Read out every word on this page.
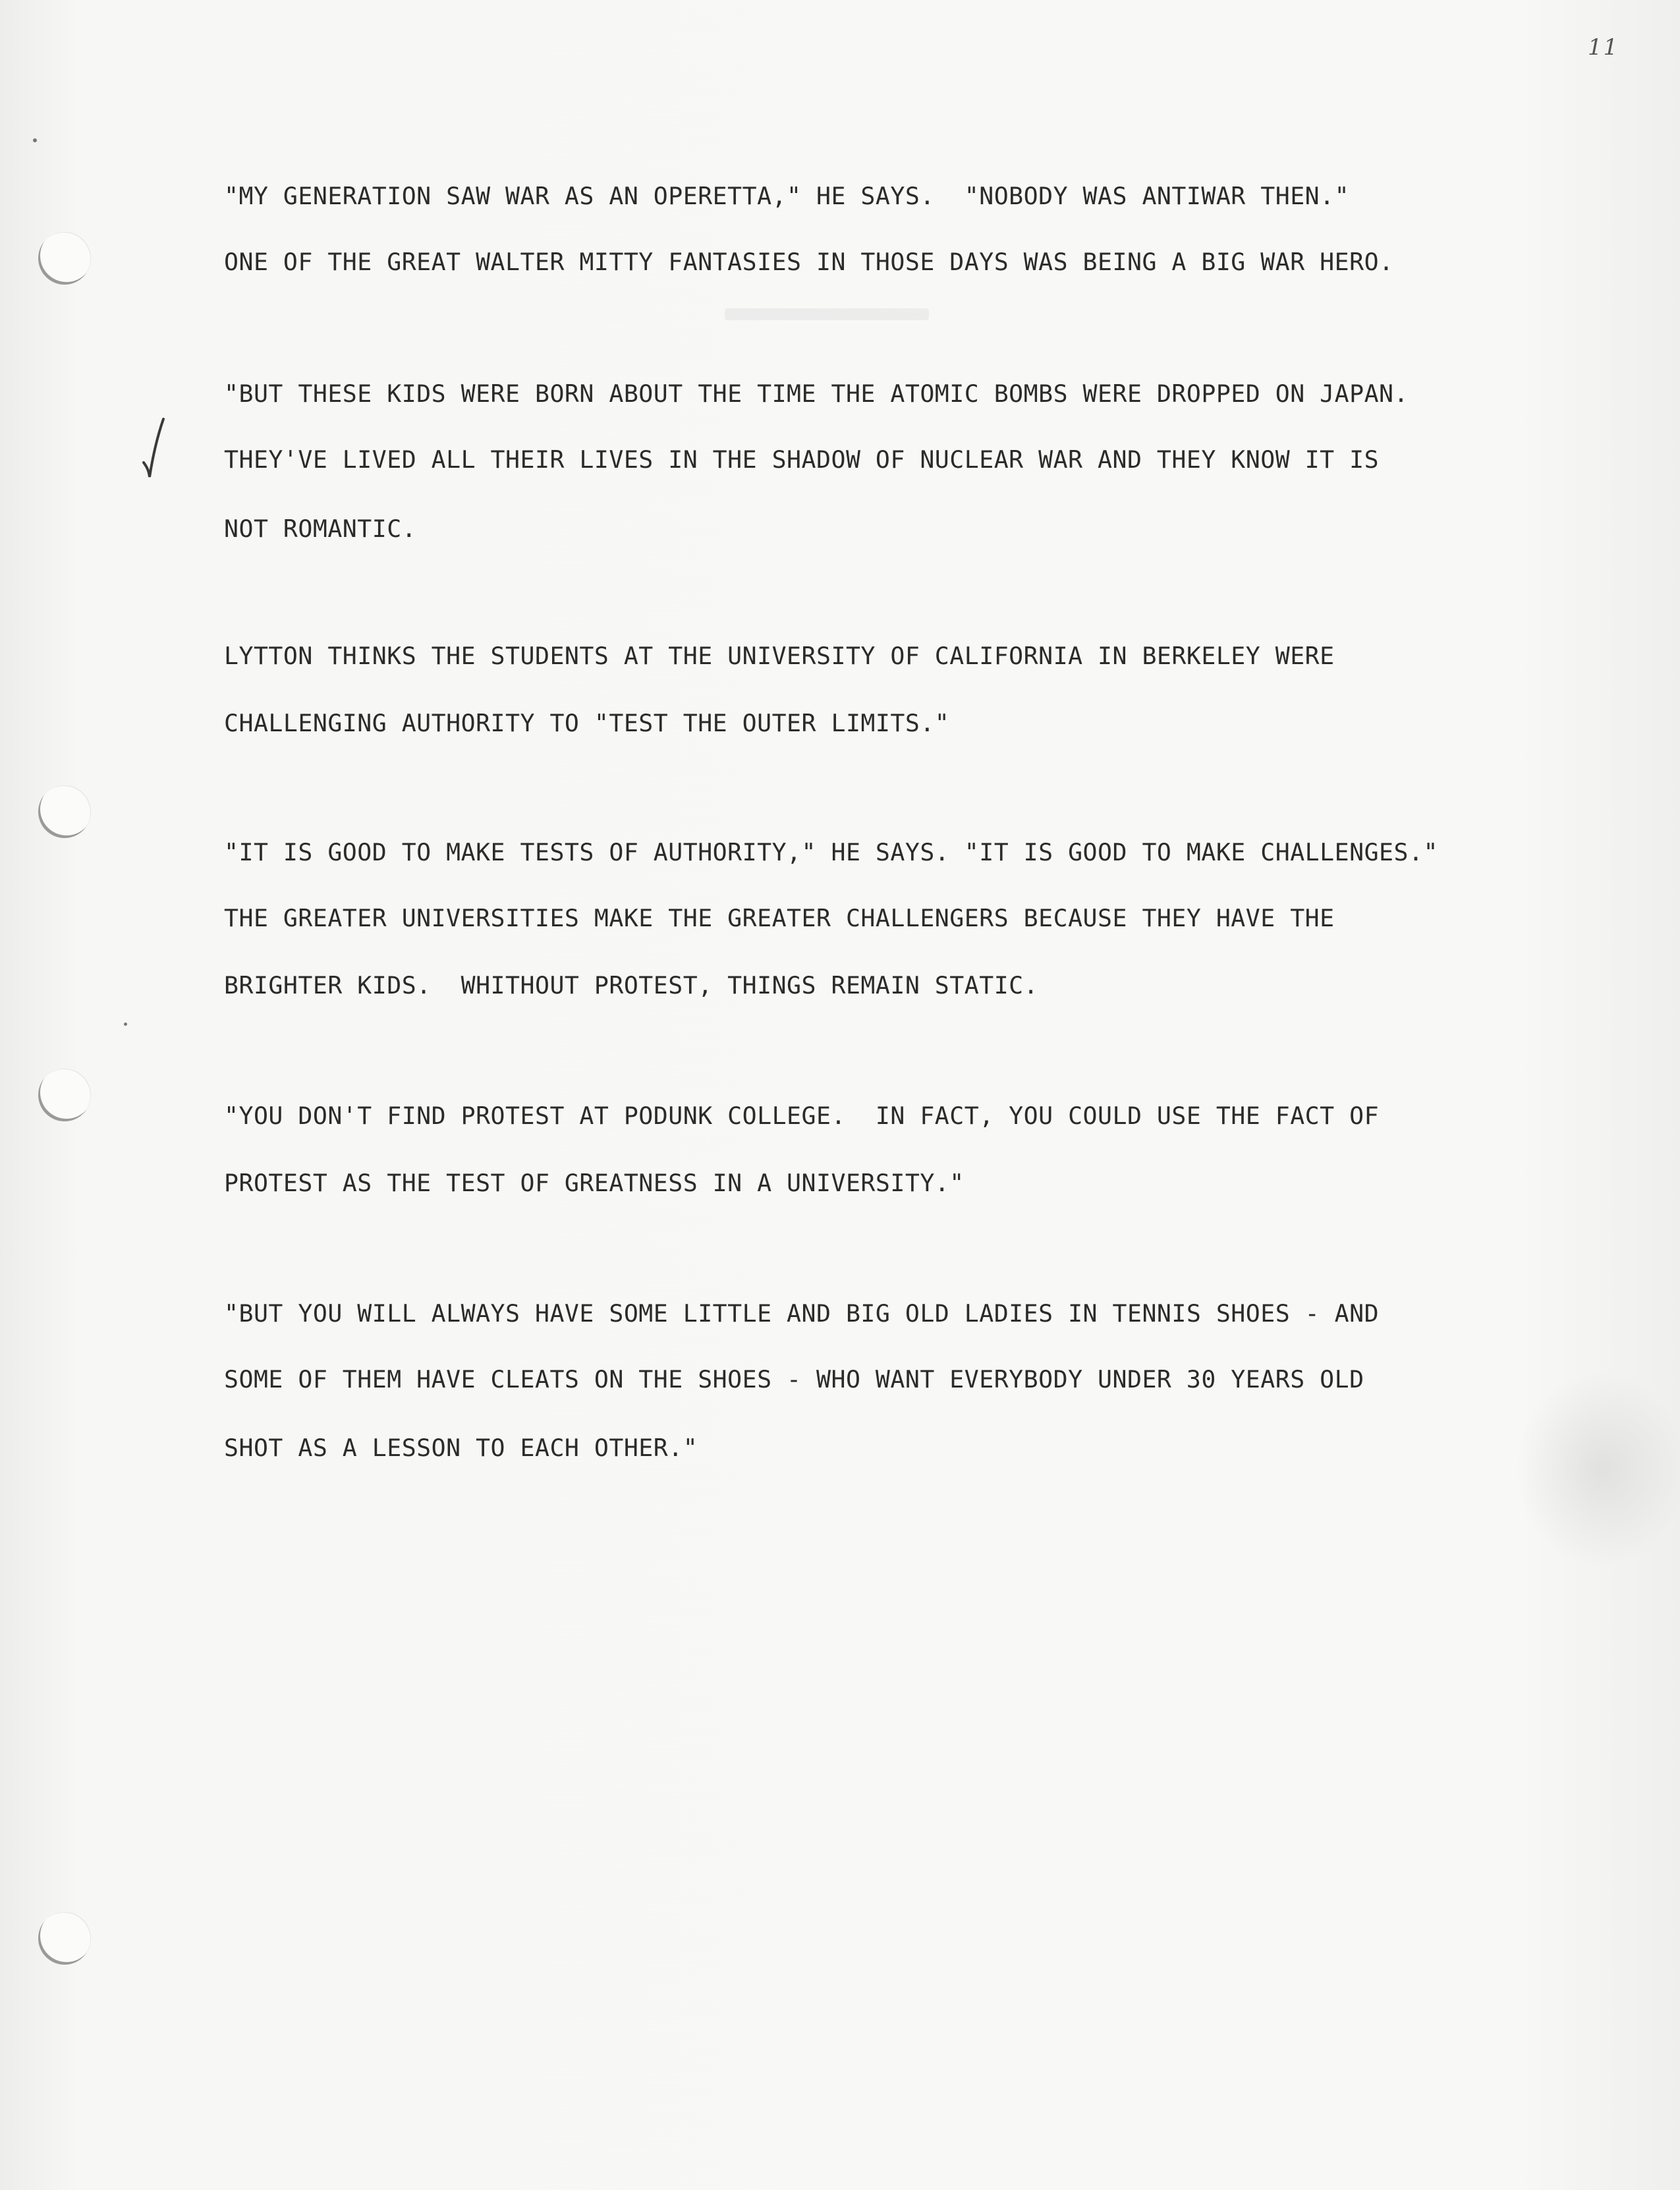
11
"MY GENERATION SAW WAR AS AN OPERETTA," HE SAYS.  "NOBODY WAS ANTIWAR THEN."
ONE OF THE GREAT WALTER MITTY FANTASIES IN THOSE DAYS WAS BEING A BIG WAR HERO.
"BUT THESE KIDS WERE BORN ABOUT THE TIME THE ATOMIC BOMBS WERE DROPPED ON JAPAN.
THEY'VE LIVED ALL THEIR LIVES IN THE SHADOW OF NUCLEAR WAR AND THEY KNOW IT IS
NOT ROMANTIC.
LYTTON THINKS THE STUDENTS AT THE UNIVERSITY OF CALIFORNIA IN BERKELEY WERE
CHALLENGING AUTHORITY TO "TEST THE OUTER LIMITS."
"IT IS GOOD TO MAKE TESTS OF AUTHORITY," HE SAYS. "IT IS GOOD TO MAKE CHALLENGES."
THE GREATER UNIVERSITIES MAKE THE GREATER CHALLENGERS BECAUSE THEY HAVE THE
BRIGHTER KIDS.  WHITHOUT PROTEST, THINGS REMAIN STATIC.
"YOU DON'T FIND PROTEST AT PODUNK COLLEGE.  IN FACT, YOU COULD USE THE FACT OF
PROTEST AS THE TEST OF GREATNESS IN A UNIVERSITY."
"BUT YOU WILL ALWAYS HAVE SOME LITTLE AND BIG OLD LADIES IN TENNIS SHOES - AND
SOME OF THEM HAVE CLEATS ON THE SHOES - WHO WANT EVERYBODY UNDER 30 YEARS OLD
SHOT AS A LESSON TO EACH OTHER."
